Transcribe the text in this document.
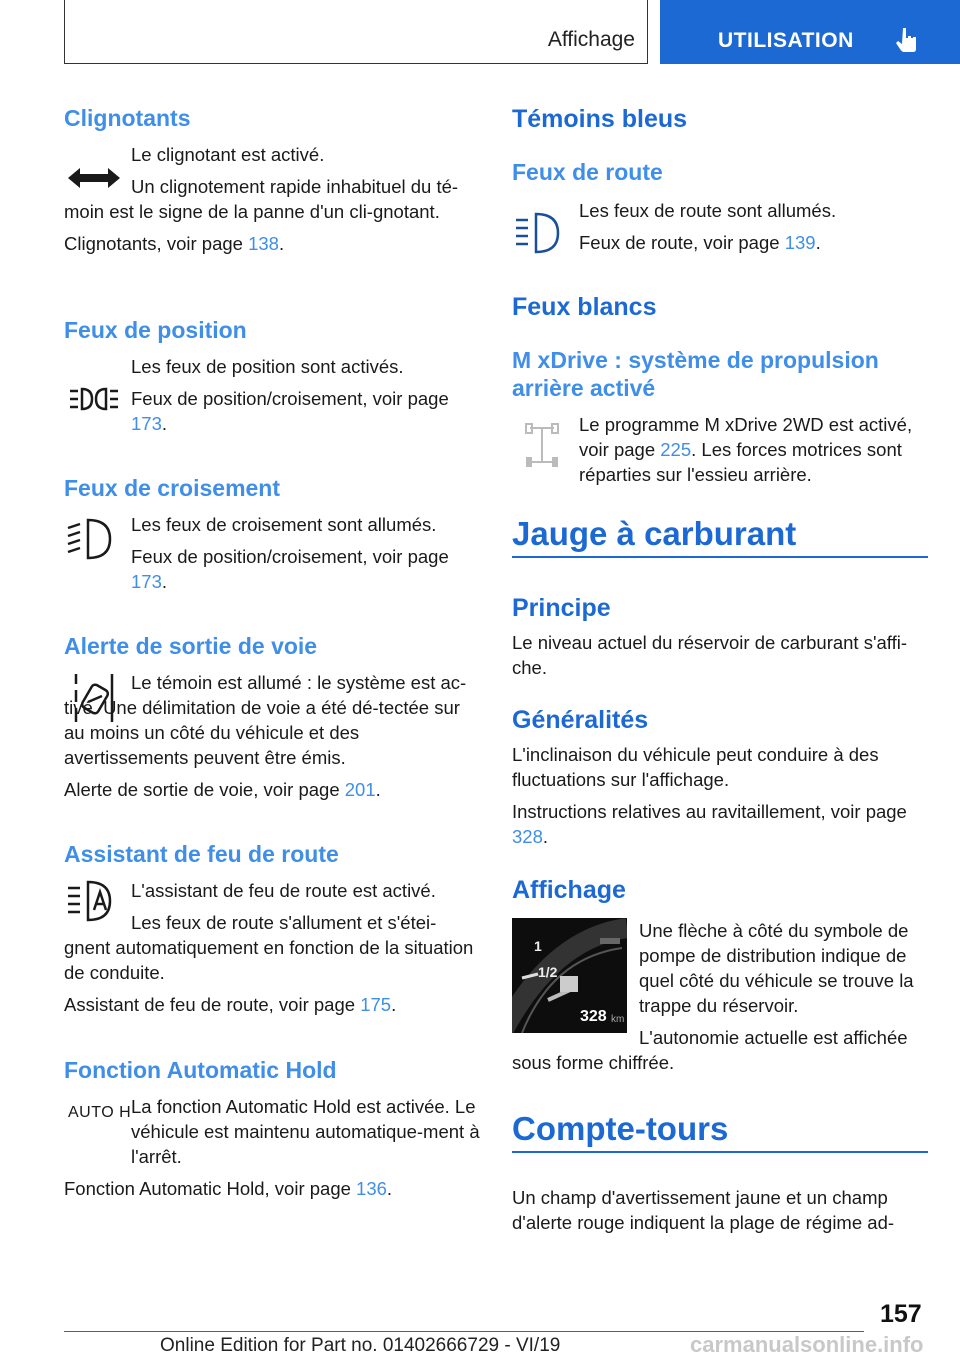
Affichage	UTILISATION
Clignotants

Le clignotant est activé.

Un clignotement rapide inhabituel du té-moin est le signe de la panne d'un cli-gnotant.

Clignotants, voir page 138.

Feux de position

Les feux de position sont activés.

Feux de position/croisement, voir page 173.

Feux de croisement

Les feux de croisement sont allumés.

Feux de position/croisement, voir page 173.

Alerte de sortie de voie

Le témoin est allumé : le système est ac-tivé. Une délimitation de voie a été dé-tectée sur au moins un côté du véhicule et des avertissements peuvent être émis.

Alerte de sortie de voie, voir page 201.

Assistant de feu de route

L'assistant de feu de route est activé.

Les feux de route s'allument et s'étei-gnent automatiquement en fonction de la situation de conduite.

Assistant de feu de route, voir page 175.

Fonction Automatic Hold
AUTO H La fonction Automatic Hold est activée. Le véhicule est maintenu automatique-ment à l'arrêt.

Fonction Automatic Hold, voir page 136.

Témoins bleus
Feux de route

Les feux de route sont allumés.

Feux de route, voir page 139.

Feux blancs
M xDrive : système de propulsion arrière activé

Le programme M xDrive 2WD est activé, voir page 225. Les forces motrices sont réparties sur l'essieu arrière.

Jauge à carburant
Principe

Le niveau actuel du réservoir de carburant s'affi-che.

Généralités

L'inclinaison du véhicule peut conduire à des fluctuations sur l'affichage.

Instructions relatives au ravitaillement, voir page 328.

Affichage
1
1/2
328 km

Une flèche à côté du symbole de pompe de distribution indique de quel côté du véhicule se trouve la trappe du réservoir.

L'autonomie actuelle est affichée sous forme chiffrée.

Compte-tours

Un champ d'avertissement jaune et un champ d'alerte rouge indiquent la plage de régime ad-

157
Online Edition for Part no. 01402666729 - VI/19	carmanualsonline.info
